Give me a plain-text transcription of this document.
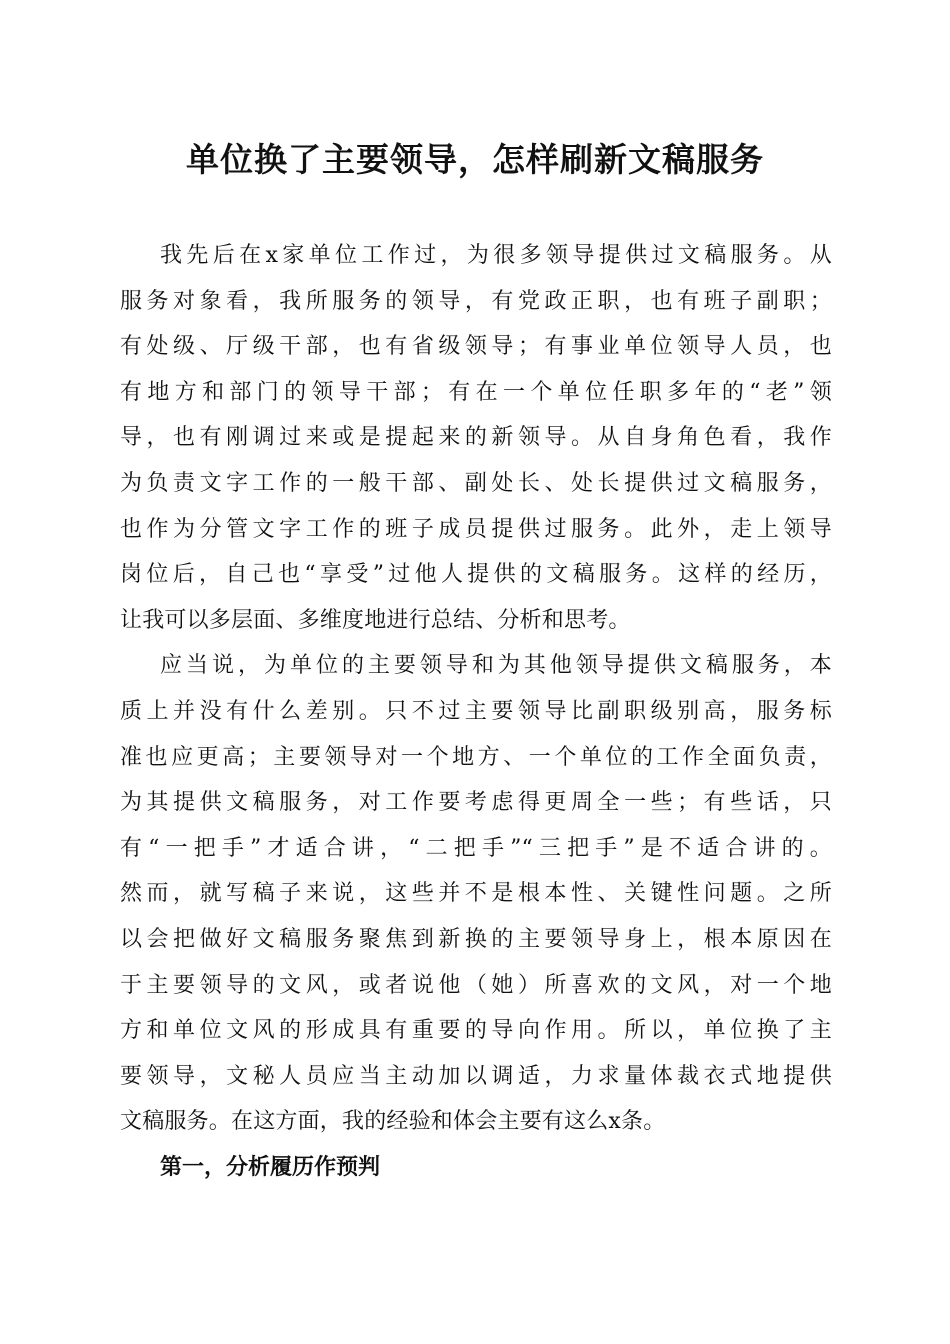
单位换了主要领导，怎样刷新文稿服务

我先后在x家单位工作过，为很多领导提供过文稿服务。从
服务对象看，我所服务的领导，有党政正职，也有班子副职；
有处级、厅级干部，也有省级领导；有事业单位领导人员，也
有地方和部门的领导干部；有在一个单位任职多年的“老”领
导，也有刚调过来或是提起来的新领导。从自身角色看，我作
为负责文字工作的一般干部、副处长、处长提供过文稿服务，
也作为分管文字工作的班子成员提供过服务。此外，走上领导
岗位后，自己也“享受”过他人提供的文稿服务。这样的经历，
让我可以多层面、多维度地进行总结、分析和思考。

应当说，为单位的主要领导和为其他领导提供文稿服务，本
质上并没有什么差别。只不过主要领导比副职级别高，服务标
准也应更高；主要领导对一个地方、一个单位的工作全面负责，
为其提供文稿服务，对工作要考虑得更周全一些；有些话，只
有“一把手”才适合讲，“二把手”“三把手”是不适合讲的。
然而，就写稿子来说，这些并不是根本性、关键性问题。之所
以会把做好文稿服务聚焦到新换的主要领导身上，根本原因在
于主要领导的文风，或者说他（她）所喜欢的文风，对一个地
方和单位文风的形成具有重要的导向作用。所以，单位换了主
要领导，文秘人员应当主动加以调适，力求量体裁衣式地提供
文稿服务。在这方面，我的经验和体会主要有这么x条。

第一，分析履历作预判
